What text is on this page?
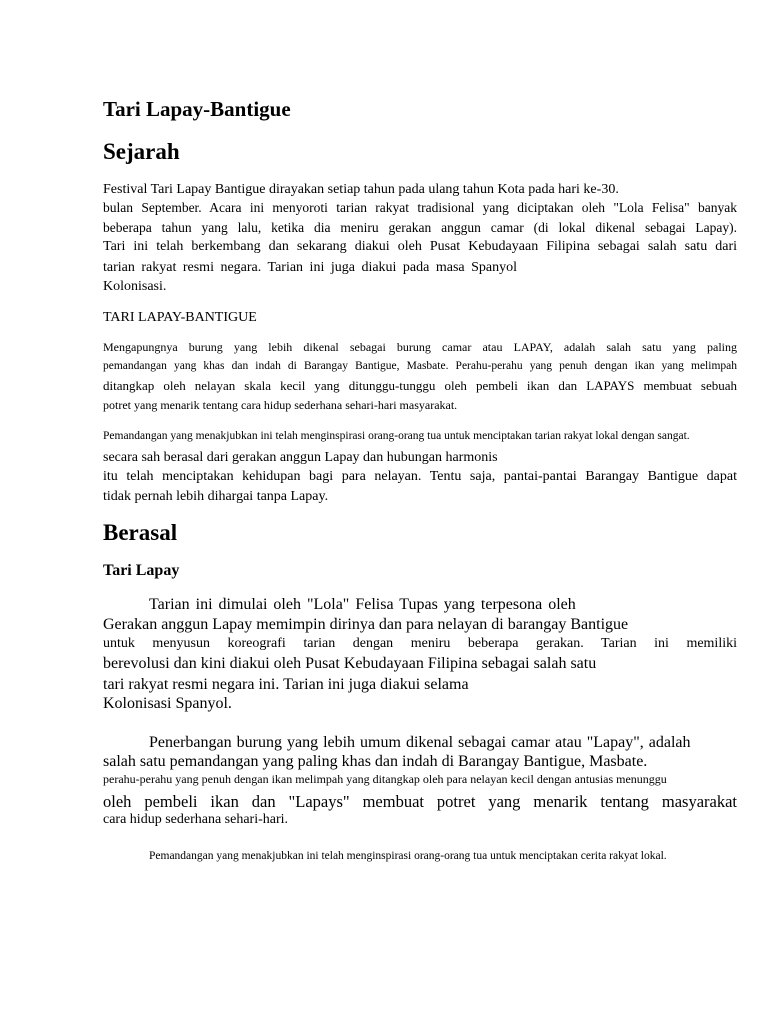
Tari Lapay-Bantigue
Sejarah
Festival Tari Lapay Bantigue dirayakan setiap tahun pada ulang tahun Kota pada hari ke-30.
bulan September. Acara ini menyoroti tarian rakyat tradisional yang diciptakan oleh "Lola Felisa" banyak
beberapa tahun yang lalu, ketika dia meniru gerakan anggun camar (di lokal dikenal sebagai Lapay).
Tari ini telah berkembang dan sekarang diakui oleh Pusat Kebudayaan Filipina sebagai salah satu dari
tarian rakyat resmi negara. Tarian ini juga diakui pada masa Spanyol
Kolonisasi.
TARI LAPAY-BANTIGUE
Mengapungnya burung yang lebih dikenal sebagai burung camar atau LAPAY, adalah salah satu yang paling
pemandangan yang khas dan indah di Barangay Bantigue, Masbate. Perahu-perahu yang penuh dengan ikan yang melimpah
ditangkap oleh nelayan skala kecil yang ditunggu-tunggu oleh pembeli ikan dan LAPAYS membuat sebuah
potret yang menarik tentang cara hidup sederhana sehari-hari masyarakat.
Pemandangan yang menakjubkan ini telah menginspirasi orang-orang tua untuk menciptakan tarian rakyat lokal dengan sangat.
secara sah berasal dari gerakan anggun Lapay dan hubungan harmonis
itu telah menciptakan kehidupan bagi para nelayan. Tentu saja, pantai-pantai Barangay Bantigue dapat
tidak pernah lebih dihargai tanpa Lapay.
Berasal
Tari Lapay
Tarian ini dimulai oleh "Lola" Felisa Tupas yang terpesona oleh
Gerakan anggun Lapay memimpin dirinya dan para nelayan di barangay Bantigue
untuk menyusun koreografi tarian dengan meniru beberapa gerakan. Tarian ini memiliki
berevolusi dan kini diakui oleh Pusat Kebudayaan Filipina sebagai salah satu
tari rakyat resmi negara ini. Tarian ini juga diakui selama
Kolonisasi Spanyol.
Penerbangan burung yang lebih umum dikenal sebagai camar atau "Lapay", adalah
salah satu pemandangan yang paling khas dan indah di Barangay Bantigue, Masbate.
perahu-perahu yang penuh dengan ikan melimpah yang ditangkap oleh para nelayan kecil dengan antusias menunggu
oleh pembeli ikan dan "Lapays" membuat potret yang menarik tentang masyarakat
cara hidup sederhana sehari-hari.
Pemandangan yang menakjubkan ini telah menginspirasi orang-orang tua untuk menciptakan cerita rakyat lokal.
